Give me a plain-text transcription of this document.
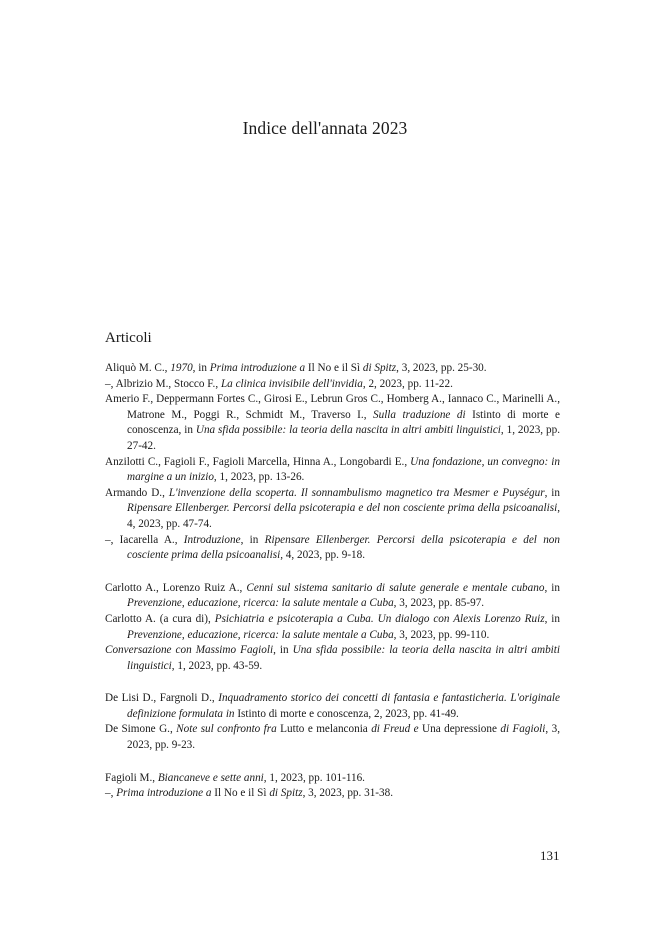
Indice dell'annata 2023
Articoli

Aliquò M. C., 1970, in Prima introduzione a Il No e il Sì di Spitz, 3, 2023, pp. 25-30.

–, Albrizio M., Stocco F., La clinica invisibile dell'invidia, 2, 2023, pp. 11-22.

Amerio F., Deppermann Fortes C., Girosi E., Lebrun Gros C., Homberg A., Iannaco C., Marinelli A., Matrone M., Poggi R., Schmidt M., Traverso I., Sulla traduzione di Istinto di morte e conoscenza, in Una sfida possibile: la teoria della nascita in altri ambiti linguistici, 1, 2023, pp. 27-42.

Anzilotti C., Fagioli F., Fagioli Marcella, Hinna A., Longobardi E., Una fondazione, un convegno: in margine a un inizio, 1, 2023, pp. 13-26.

Armando D., L'invenzione della scoperta. Il sonnambulismo magnetico tra Mesmer e Puységur, in Ripensare Ellenberger. Percorsi della psicoterapia e del non cosciente prima della psicoanalisi, 4, 2023, pp. 47-74.

–, Iacarella A., Introduzione, in Ripensare Ellenberger. Percorsi della psicoterapia e del non cosciente prima della psicoanalisi, 4, 2023, pp. 9-18.

Carlotto A., Lorenzo Ruiz A., Cenni sul sistema sanitario di salute generale e mentale cubano, in Prevenzione, educazione, ricerca: la salute mentale a Cuba, 3, 2023, pp. 85-97.

Carlotto A. (a cura di), Psichiatria e psicoterapia a Cuba. Un dialogo con Alexis Lorenzo Ruiz, in Prevenzione, educazione, ricerca: la salute mentale a Cuba, 3, 2023, pp. 99-110.

Conversazione con Massimo Fagioli, in Una sfida possibile: la teoria della nascita in altri ambiti linguistici, 1, 2023, pp. 43-59.

De Lisi D., Fargnoli D., Inquadramento storico dei concetti di fantasia e fantasticheria. L'originale definizione formulata in Istinto di morte e conoscenza, 2, 2023, pp. 41-49.

De Simone G., Note sul confronto fra Lutto e melanconia di Freud e Una depressione di Fagioli, 3, 2023, pp. 9-23.

Fagioli M., Biancaneve e sette anni, 1, 2023, pp. 101-116.

–, Prima introduzione a Il No e il Sì di Spitz, 3, 2023, pp. 31-38.

131
